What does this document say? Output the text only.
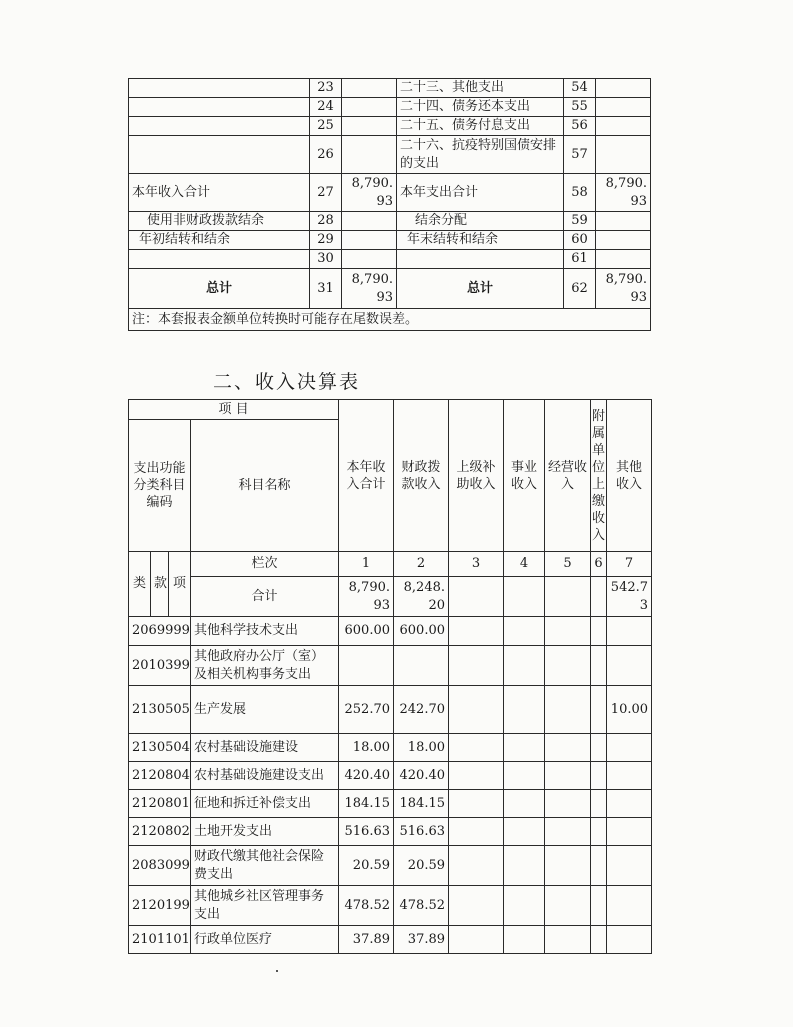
	23		二十三、其他支出	54	
	24		二十四、债务还本支出	55	
	25		二十五、债务付息支出	56	
	26		二十六、抗疫特别国债安排的支出	57	
本年收入合计	27	8,790.93	本年支出合计	58	8,790.93
使用非财政拨款结余	28		结余分配	59	
年初结转和结余	29		年末结转和结余	60	
	30			61	
总计	31	8,790.93	总计	62	8,790.93
注：本套报表金额单位转换时可能存在尾数误差。					
二、收入决算表
项 目				本年收入合计	财政拨款收入	上级补助收入	事业收入	经营收入	附属单位上缴收入	其他收入
支出功能分类科目编码			科目名称							
类	款	项	栏次	1	2	3	4	5	6	7
			合计	8,790.93	8,248.20					542.73
2069999			其他科学技术支出	600.00	600.00					
2010399			其他政府办公厅（室）及相关机构事务支出							
2130505			生产发展	252.70	242.70					10.00
2130504			农村基础设施建设	18.00	18.00					
2120804			农村基础设施建设支出	420.40	420.40					
2120801			征地和拆迁补偿支出	184.15	184.15					
2120802			土地开发支出	516.63	516.63					
2083099			财政代缴其他社会保险费支出	20.59	20.59					
2120199			其他城乡社区管理事务支出	478.52	478.52					
2101101			行政单位医疗	37.89	37.89					
